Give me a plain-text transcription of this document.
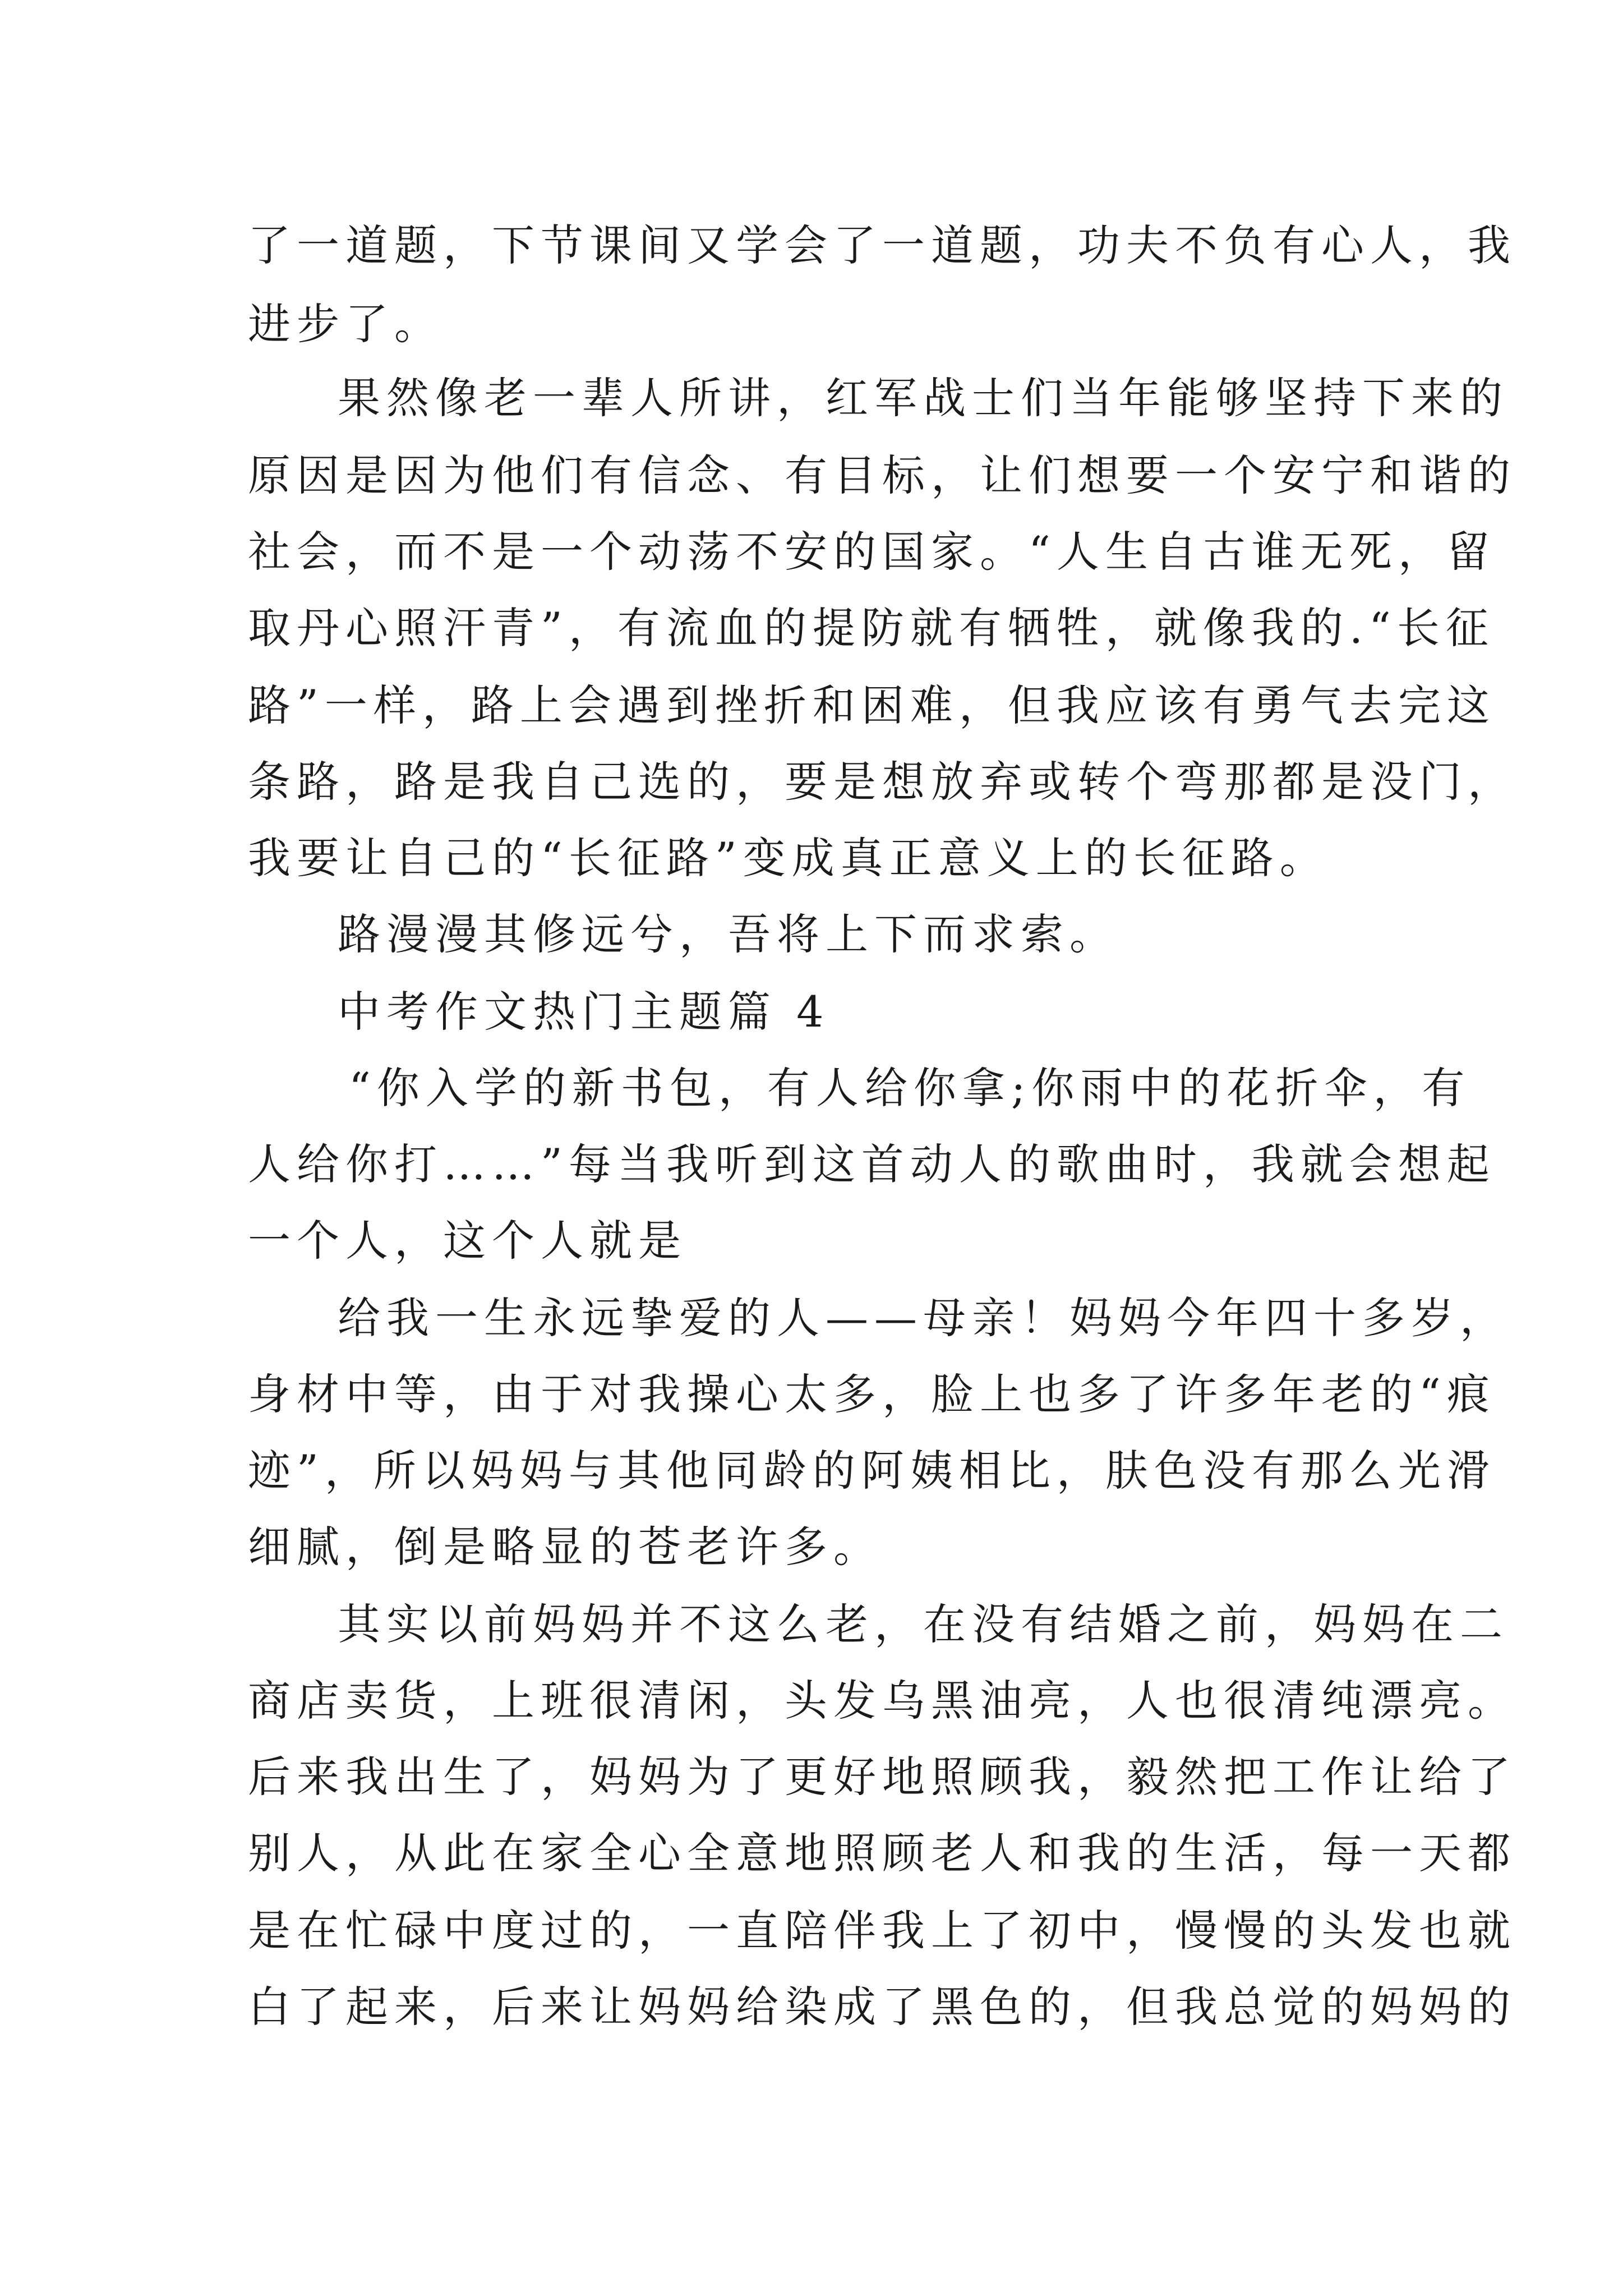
了一道题，下节课间又学会了一道题，功夫不负有心人，我
进步了。
果然像老一辈人所讲，红军战士们当年能够坚持下来的
原因是因为他们有信念、有目标，让们想要一个安宁和谐的
社会，而不是一个动荡不安的国家。“人生自古谁无死，留
取丹心照汗青”，有流血的提防就有牺牲，就像我的.“长征
路”一样，路上会遇到挫折和困难，但我应该有勇气去完这
条路，路是我自己选的，要是想放弃或转个弯那都是没门，
我要让自己的“长征路”变成真正意义上的长征路。
路漫漫其修远兮，吾将上下而求索。
中考作文热门主题篇 4
“你入学的新书包，有人给你拿;你雨中的花折伞，有
人给你打……”每当我听到这首动人的歌曲时，我就会想起
一个人，这个人就是
给我一生永远挚爱的人——母亲！妈妈今年四十多岁，
身材中等，由于对我操心太多，脸上也多了许多年老的“痕
迹”，所以妈妈与其他同龄的阿姨相比，肤色没有那么光滑
细腻，倒是略显的苍老许多。
其实以前妈妈并不这么老，在没有结婚之前，妈妈在二
商店卖货，上班很清闲，头发乌黑油亮，人也很清纯漂亮。
后来我出生了，妈妈为了更好地照顾我，毅然把工作让给了
别人，从此在家全心全意地照顾老人和我的生活，每一天都
是在忙碌中度过的，一直陪伴我上了初中，慢慢的头发也就
白了起来，后来让妈妈给染成了黑色的，但我总觉的妈妈的
